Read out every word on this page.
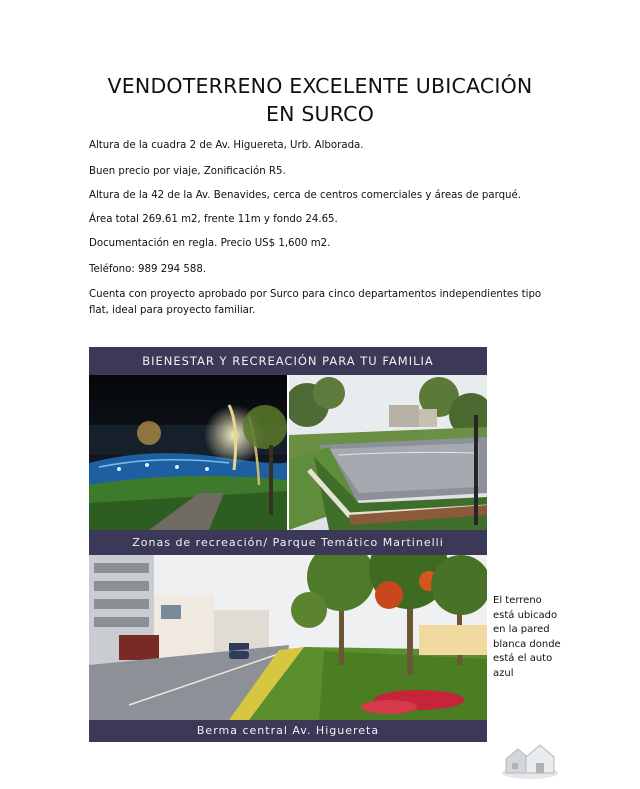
VENDOTERRENO EXCELENTE UBICACIÓN
EN SURCO
Altura de la cuadra 2 de Av. Higuereta, Urb. Alborada.
Buen precio por viaje, Zonificación R5.
Altura de la 42 de la Av. Benavides, cerca de centros comerciales y áreas de parqué.
Área total 269.61 m2, frente 11m y fondo 24.65.
Documentación en regla. Precio US$ 1,600 m2.
Teléfono: 989 294 588.
Cuenta con proyecto aprobado por Surco para cinco departamentos independientes tipo flat, ideal para proyecto familiar.
BIENESTAR Y RECREACIÓN PARA TU FAMILIA
Zonas de recreación/ Parque Temático Martinelli
Berma central Av. Higuereta
El terreno está ubicado en la pared blanca donde está el auto azul
